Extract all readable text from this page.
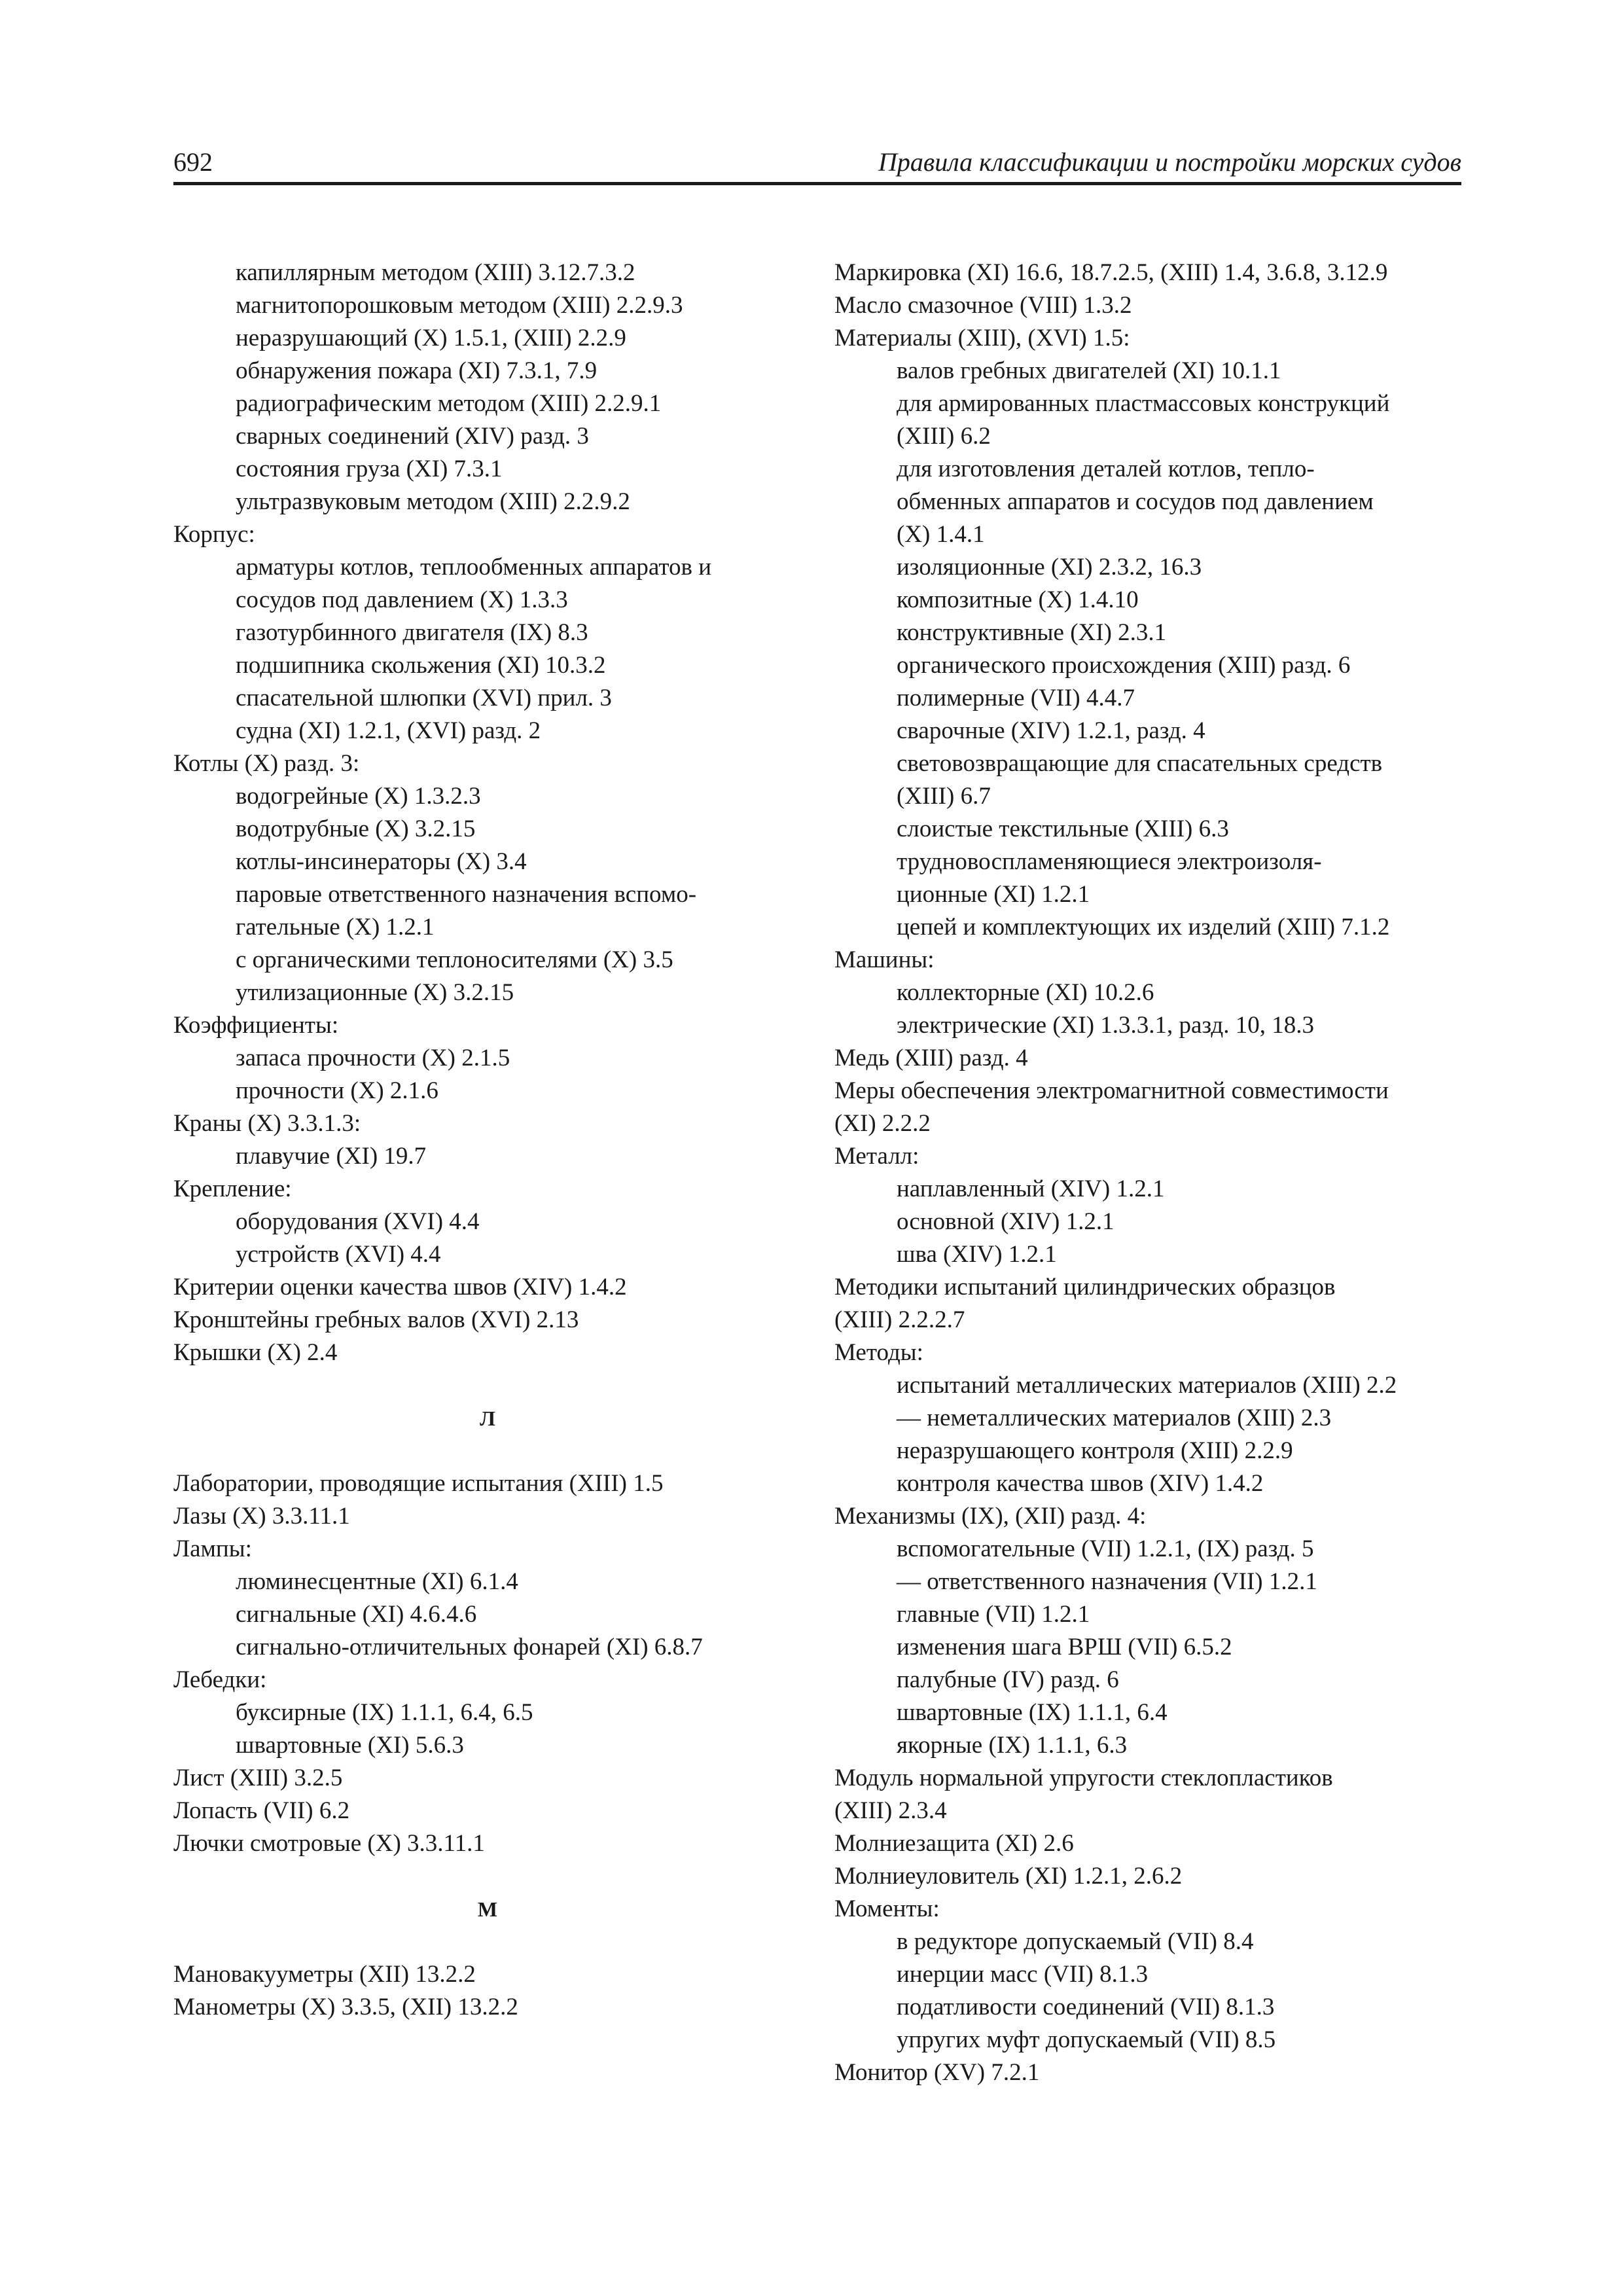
692	Правила классификации и постройки морских судов
капиллярным методом (XIII) 3.12.7.3.2
магнитопорошковым методом (XIII) 2.2.9.3
неразрушающий (X) 1.5.1, (XIII) 2.2.9
обнаружения пожара (XI) 7.3.1, 7.9
радиографическим методом (XIII) 2.2.9.1
сварных соединений (XIV) разд. 3
состояния груза (XI) 7.3.1
ультразвуковым методом (XIII) 2.2.9.2
Корпус:
арматуры котлов, теплообменных аппаратов и
сосудов под давлением (X) 1.3.3
газотурбинного двигателя (IX) 8.3
подшипника скольжения (XI) 10.3.2
спасательной шлюпки (XVI) прил. 3
судна (XI) 1.2.1, (XVI) разд. 2
Котлы (X) разд. 3:
водогрейные (X) 1.3.2.3
водотрубные (X) 3.2.15
котлы-инсинераторы (X) 3.4
паровые ответственного назначения вспомо-
гательные (X) 1.2.1
с органическими теплоносителями (X) 3.5
утилизационные (X) 3.2.15
Коэффициенты:
запаса прочности (X) 2.1.5
прочности (X) 2.1.6
Краны (X) 3.3.1.3:
плавучие (XI) 19.7
Крепление:
оборудования (XVI) 4.4
устройств (XVI) 4.4
Критерии оценки качества швов (XIV) 1.4.2
Кронштейны гребных валов (XVI) 2.13
Крышки (X) 2.4
Л
Лаборатории, проводящие испытания (XIII) 1.5
Лазы (X) 3.3.11.1
Лампы:
люминесцентные (XI) 6.1.4
сигнальные (XI) 4.6.4.6
сигнально-отличительных фонарей (XI) 6.8.7
Лебедки:
буксирные (IX) 1.1.1, 6.4, 6.5
швартовные (XI) 5.6.3
Лист (XIII) 3.2.5
Лопасть (VII) 6.2
Лючки смотровые (X) 3.3.11.1
М
Мановакууметры (XII) 13.2.2
Манометры (X) 3.3.5, (XII) 13.2.2
Маркировка (XI) 16.6, 18.7.2.5, (XIII) 1.4, 3.6.8, 3.12.9
Масло смазочное (VIII) 1.3.2
Материалы (XIII), (XVI) 1.5:
валов гребных двигателей (XI) 10.1.1
для армированных пластмассовых конструкций
(XIII) 6.2
для изготовления деталей котлов, тепло-
обменных аппаратов и сосудов под давлением
(X) 1.4.1
изоляционные (XI) 2.3.2, 16.3
композитные (X) 1.4.10
конструктивные (XI) 2.3.1
органического происхождения (XIII) разд. 6
полимерные (VII) 4.4.7
сварочные (XIV) 1.2.1, разд. 4
световозвращающие для спасательных средств
(XIII) 6.7
слоистые текстильные (XIII) 6.3
трудновоспламеняющиеся электроизоля-
ционные (XI) 1.2.1
цепей и комплектующих их изделий (XIII) 7.1.2
Машины:
коллекторные (XI) 10.2.6
электрические (XI) 1.3.3.1, разд. 10, 18.3
Медь (XIII) разд. 4
Меры обеспечения электромагнитной совместимости
(XI) 2.2.2
Металл:
наплавленный (XIV) 1.2.1
основной (XIV) 1.2.1
шва (XIV) 1.2.1
Методики испытаний цилиндрических образцов
(XIII) 2.2.2.7
Методы:
испытаний металлических материалов (XIII) 2.2
— неметаллических материалов (XIII) 2.3
неразрушающего контроля (XIII) 2.2.9
контроля качества швов (XIV) 1.4.2
Механизмы (IX), (XII) разд. 4:
вспомогательные (VII) 1.2.1, (IX) разд. 5
— ответственного назначения (VII) 1.2.1
главные (VII) 1.2.1
изменения шага ВРШ (VII) 6.5.2
палубные (IV) разд. 6
швартовные (IX) 1.1.1, 6.4
якорные (IX) 1.1.1, 6.3
Модуль нормальной упругости стеклопластиков
(XIII) 2.3.4
Молниезащита (XI) 2.6
Молниеуловитель (XI) 1.2.1, 2.6.2
Моменты:
в редукторе допускаемый (VII) 8.4
инерции масс (VII) 8.1.3
податливости соединений (VII) 8.1.3
упругих муфт допускаемый (VII) 8.5
Монитор (XV) 7.2.1
